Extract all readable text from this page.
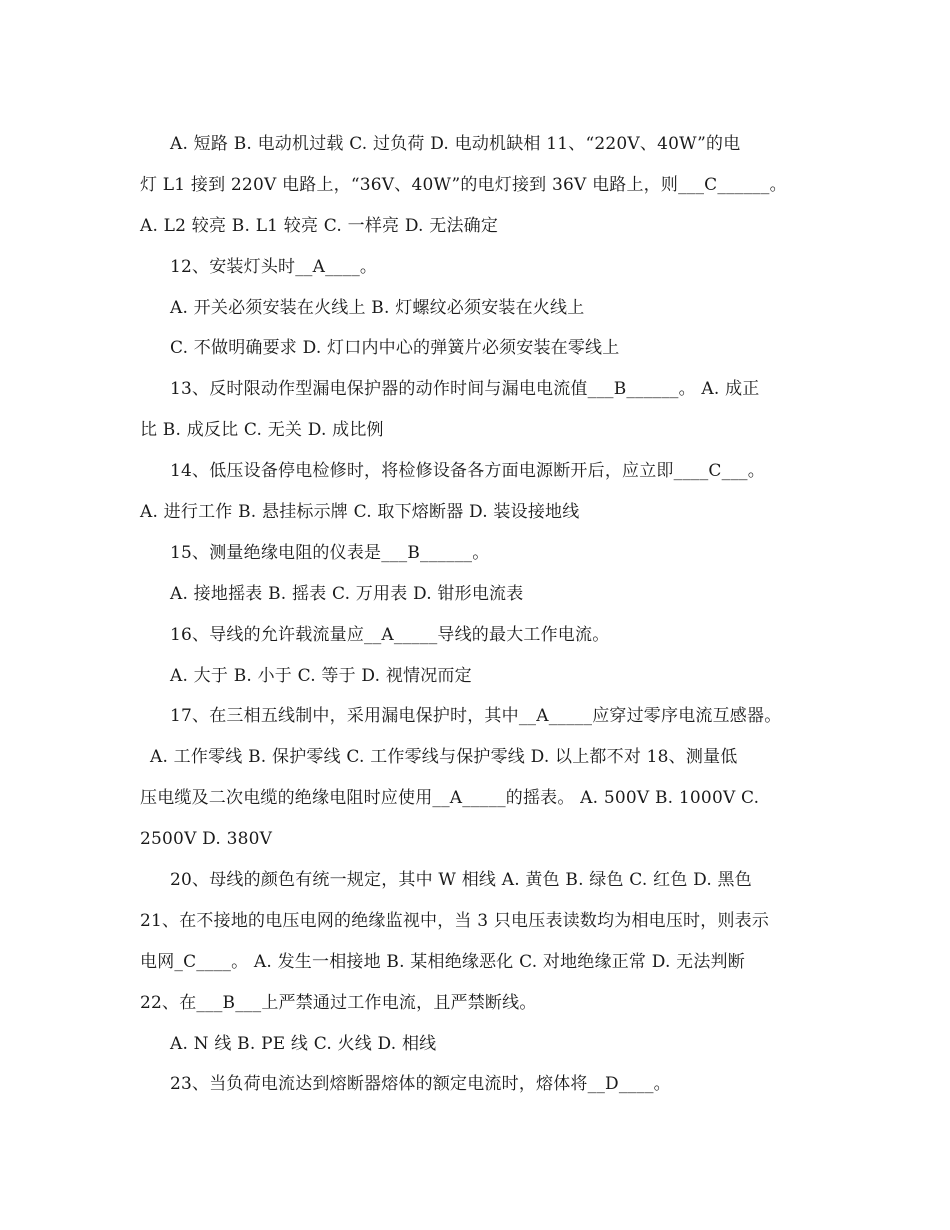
A. 短路 B. 电动机过载 C. 过负荷 D. 电动机缺相 11、“220V、40W”的电
灯 L1 接到 220V 电路上，“36V、40W”的电灯接到 36V 电路上，则___C______。
A. L2 较亮 B. L1 较亮 C. 一样亮 D. 无法确定
12、安装灯头时__A____。
A. 开关必须安装在火线上 B. 灯螺纹必须安装在火线上
C. 不做明确要求 D. 灯口内中心的弹簧片必须安装在零线上
13、反时限动作型漏电保护器的动作时间与漏电电流值___B______。 A. 成正
比 B. 成反比 C. 无关 D. 成比例
14、低压设备停电检修时，将检修设备各方面电源断开后，应立即____C___。
A. 进行工作 B. 悬挂标示牌 C. 取下熔断器 D. 装设接地线
15、测量绝缘电阻的仪表是___B______。
A. 接地摇表 B. 摇表 C. 万用表 D. 钳形电流表
16、导线的允许载流量应__A_____导线的最大工作电流。
A. 大于 B. 小于 C. 等于 D. 视情况而定
17、在三相五线制中，采用漏电保护时，其中__A_____应穿过零序电流互感器。
A. 工作零线 B. 保护零线 C. 工作零线与保护零线 D. 以上都不对 18、测量低
压电缆及二次电缆的绝缘电阻时应使用__A_____的摇表。 A. 500V B. 1000V C.
2500V D. 380V
20、母线的颜色有统一规定，其中 W 相线 A. 黄色 B. 绿色 C. 红色 D. 黑色
21、在不接地的电压电网的绝缘监视中，当 3 只电压表读数均为相电压时，则表示
电网_C____。 A. 发生一相接地 B. 某相绝缘恶化 C. 对地绝缘正常 D. 无法判断
22、在___B___上严禁通过工作电流，且严禁断线。
A. N 线 B. PE 线 C. 火线 D. 相线
23、当负荷电流达到熔断器熔体的额定电流时，熔体将__D____。
